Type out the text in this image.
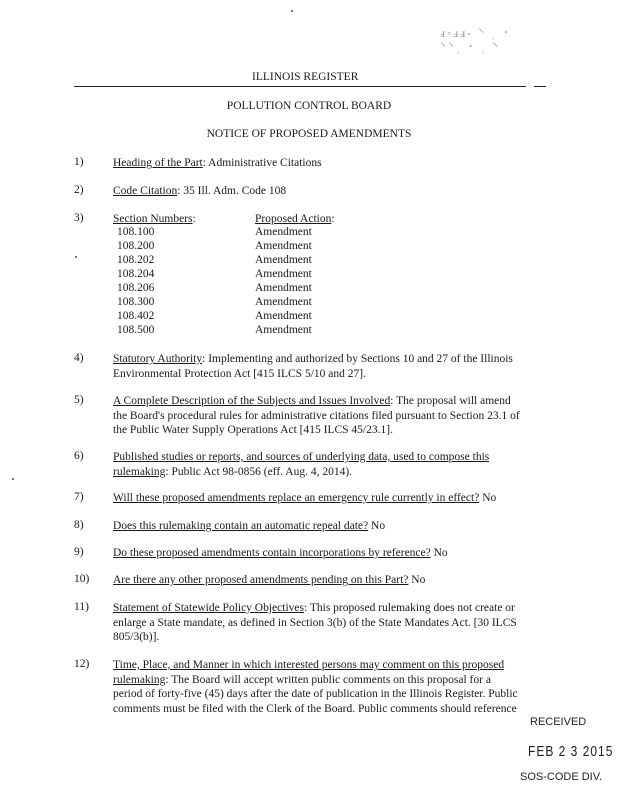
ⅎ◦ⅎⅎ‑ ⸌ ˌ ᛫
⸌⸌ˌ ᛫ ˌ ⸌
ILLINOIS REGISTER
POLLUTION CONTROL BOARD
NOTICE OF PROPOSED AMENDMENTS
1)	Heading of the Part: Administrative Citations
2)	Code Citation: 35 Ill. Adm. Code 108
3)	Section Numbers:	Proposed Action:
108.100	Amendment
108.200	Amendment
108.202	Amendment
108.204	Amendment
108.206	Amendment
108.300	Amendment
108.402	Amendment
108.500	Amendment
4)	Statutory Authority: Implementing and authorized by Sections 10 and 27 of the Illinois
Environmental Protection Act [415 ILCS 5/10 and 27].
5)	A Complete Description of the Subjects and Issues Involved: The proposal will amend
the Board's procedural rules for administrative citations filed pursuant to Section 23.1 of
the Public Water Supply Operations Act [415 ILCS 45/23.1].
6)	Published studies or reports, and sources of underlying data, used to compose this
rulemaking: Public Act 98-0856 (eff. Aug. 4, 2014).
7)	Will these proposed amendments replace an emergency rule currently in effect? No
8)	Does this rulemaking contain an automatic repeal date? No
9)	Do these proposed amendments contain incorporations by reference? No
10) Are there any other proposed amendments pending on this Part? No
11) Statement of Statewide Policy Objectives: This proposed rulemaking does not create or
enlarge a State mandate, as defined in Section 3(b) of the State Mandates Act. [30 ILCS
805/3(b)].
12) Time, Place, and Manner in which interested persons may comment on this proposed
rulemaking: The Board will accept written public comments on this proposal for a
period of forty-five (45) days after the date of publication in the Illinois Register. Public
comments must be filed with the Clerk of the Board. Public comments should reference
RECEIVED
FEB 2 3 2015
SOS-CODE DIV.
